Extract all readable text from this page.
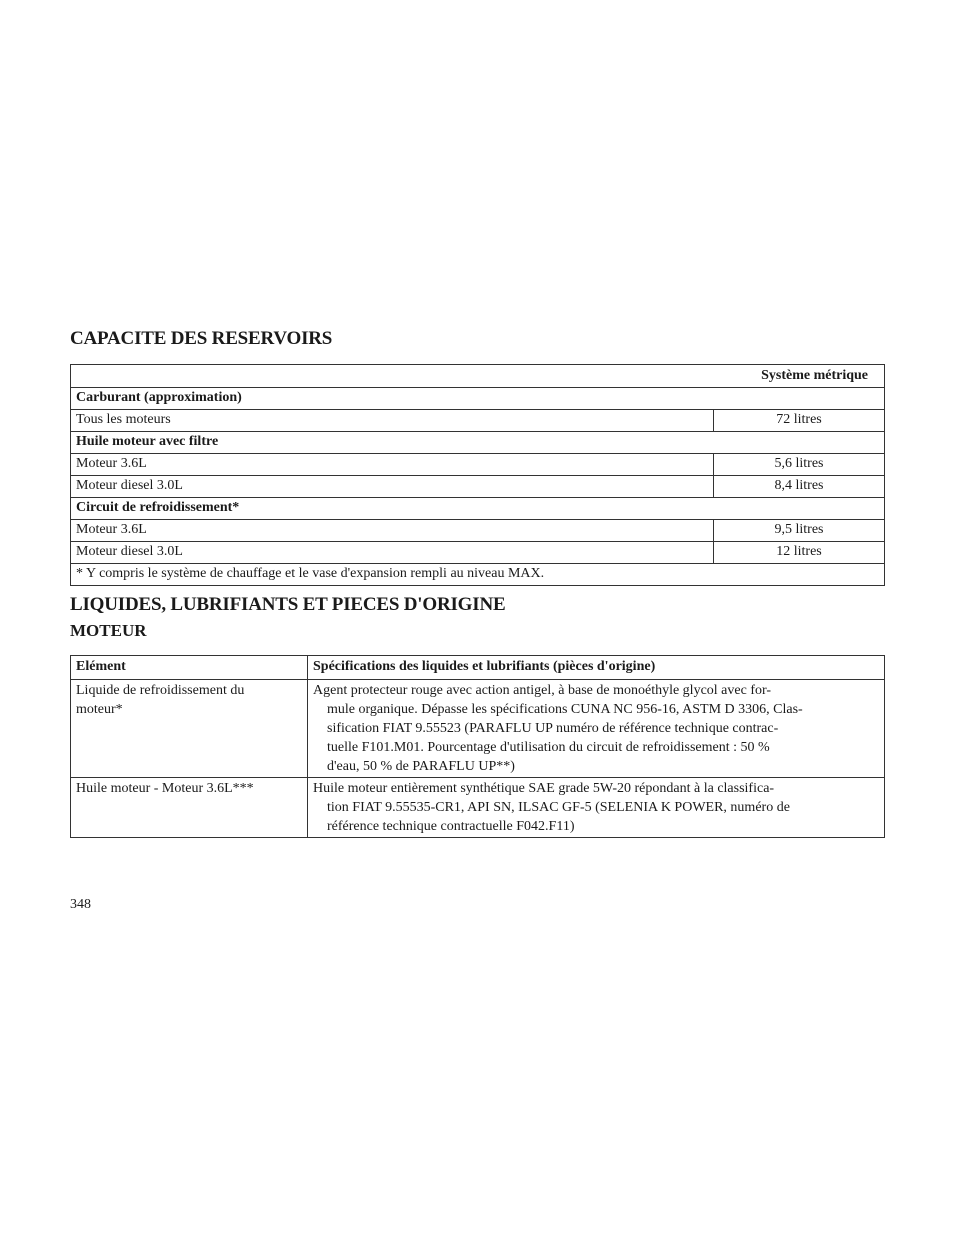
CAPACITE DES RESERVOIRS
	Système métrique
Carburant (approximation)	
Tous les moteurs	72 litres
Huile moteur avec filtre	
Moteur 3.6L	5,6 litres
Moteur diesel 3.0L	8,4 litres
Circuit de refroidissement*	
Moteur 3.6L	9,5 litres
Moteur diesel 3.0L	12 litres
* Y compris le système de chauffage et le vase d'expansion rempli au niveau MAX.	
LIQUIDES, LUBRIFIANTS ET PIECES D'ORIGINE
MOTEUR
Elément	Spécifications des liquides et lubrifiants (pièces d'origine)

Liquide de refroidissement du
moteur*	Agent protecteur rouge avec action antigel, à base de monoéthyle glycol avec for-
mule organique. Dépasse les spécifications CUNA NC 956-16, ASTM D 3306, Clas-
sification FIAT 9.55523 (PARAFLU UP numéro de référence technique contrac-
tuelle F101.M01. Pourcentage d'utilisation du circuit de refroidissement : 50 %
d'eau, 50 % de PARAFLU UP**)

Huile moteur - Moteur 3.6L***	Huile moteur entièrement synthétique SAE grade 5W-20 répondant à la classifica-
tion FIAT 9.55535-CR1, API SN, ILSAC GF-5 (SELENIA K POWER, numéro de
référence technique contractuelle F042.F11)
348
